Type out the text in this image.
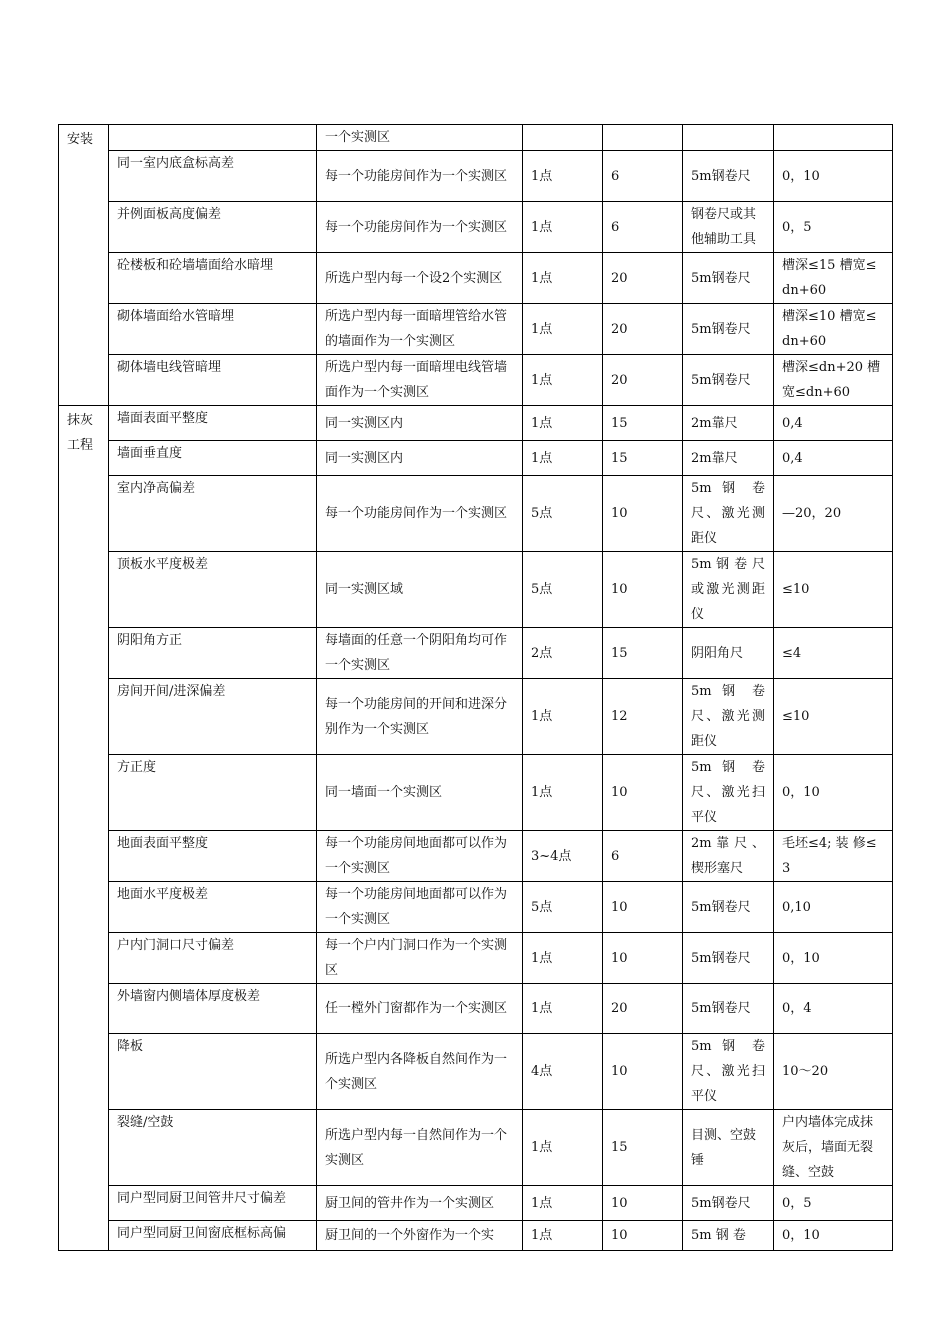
安装		一个实测区				
	同一室内底盒标高差	每一个功能房间作为一个实测区	1点	6	5m钢卷尺	0，10
	并例面板高度偏差	每一个功能房间作为一个实测区	1点	6	钢卷尺或其他辅助工具	0，5
	砼楼板和砼墙墙面给水暗埋	所选户型内每一个设2个实测区	1点	20	5m钢卷尺	槽深≤15 槽宽≤dn+60
	砌体墙面给水管暗埋	所选户型内每一面暗埋管给水管的墙面作为一个实测区	1点	20	5m钢卷尺	槽深≤10 槽宽≤dn+60
	砌体墙电线管暗埋	所选户型内每一面暗埋电线管墙面作为一个实测区	1点	20	5m钢卷尺	槽深≤dn+20 槽宽≤dn+60
抹灰工程	墙面表面平整度	同一实测区内	1点	15	2m靠尺	0,4
	墙面垂直度	同一实测区内	1点	15	2m靠尺	0,4
	室内净高偏差	每一个功能房间作为一个实测区	5点	10	5m 钢 卷尺、激光测距仪	—20，20
	顶板水平度极差	同一实测区域	5点	10	5m 钢 卷 尺或激光测距仪	≤10
	阴阳角方正	每墙面的任意一个阴阳角均可作一个实测区	2点	15	阴阳角尺	≤4
	房间开间/进深偏差	每一个功能房间的开间和进深分别作为一个实测区	1点	12	5m 钢 卷尺、激光测距仪	≤10
	方正度	同一墙面一个实测区	1点	10	5m 钢 卷尺、激光扫平仪	0，10
	地面表面平整度	每一个功能房间地面都可以作为一个实测区	3~4点	6	2m 靠 尺 、楔形塞尺	毛坯≤4; 装 修≤3
	地面水平度极差	每一个功能房间地面都可以作为一个实测区	5点	10	5m钢卷尺	0,10
	户内门洞口尺寸偏差	每一个户内门洞口作为一个实测区	1点	10	5m钢卷尺	0，10
	外墙窗内侧墙体厚度极差	任一樘外门窗都作为一个实测区	1点	20	5m钢卷尺	0，4
	降板	所选户型内各降板自然间作为一个实测区	4点	10	5m 钢 卷尺、激光扫平仪	10～20
	裂缝/空鼓	所选户型内每一自然间作为一个实测区	1点	15	目测、空鼓锤	户内墙体完成抹灰后，墙面无裂缝、空鼓
	同户型同厨卫间管井尺寸偏差	厨卫间的管井作为一个实测区	1点	10	5m钢卷尺	0，5
	同户型同厨卫间窗底框标高偏	厨卫间的一个外窗作为一个实	1点	10	5m 钢 卷	0，10
